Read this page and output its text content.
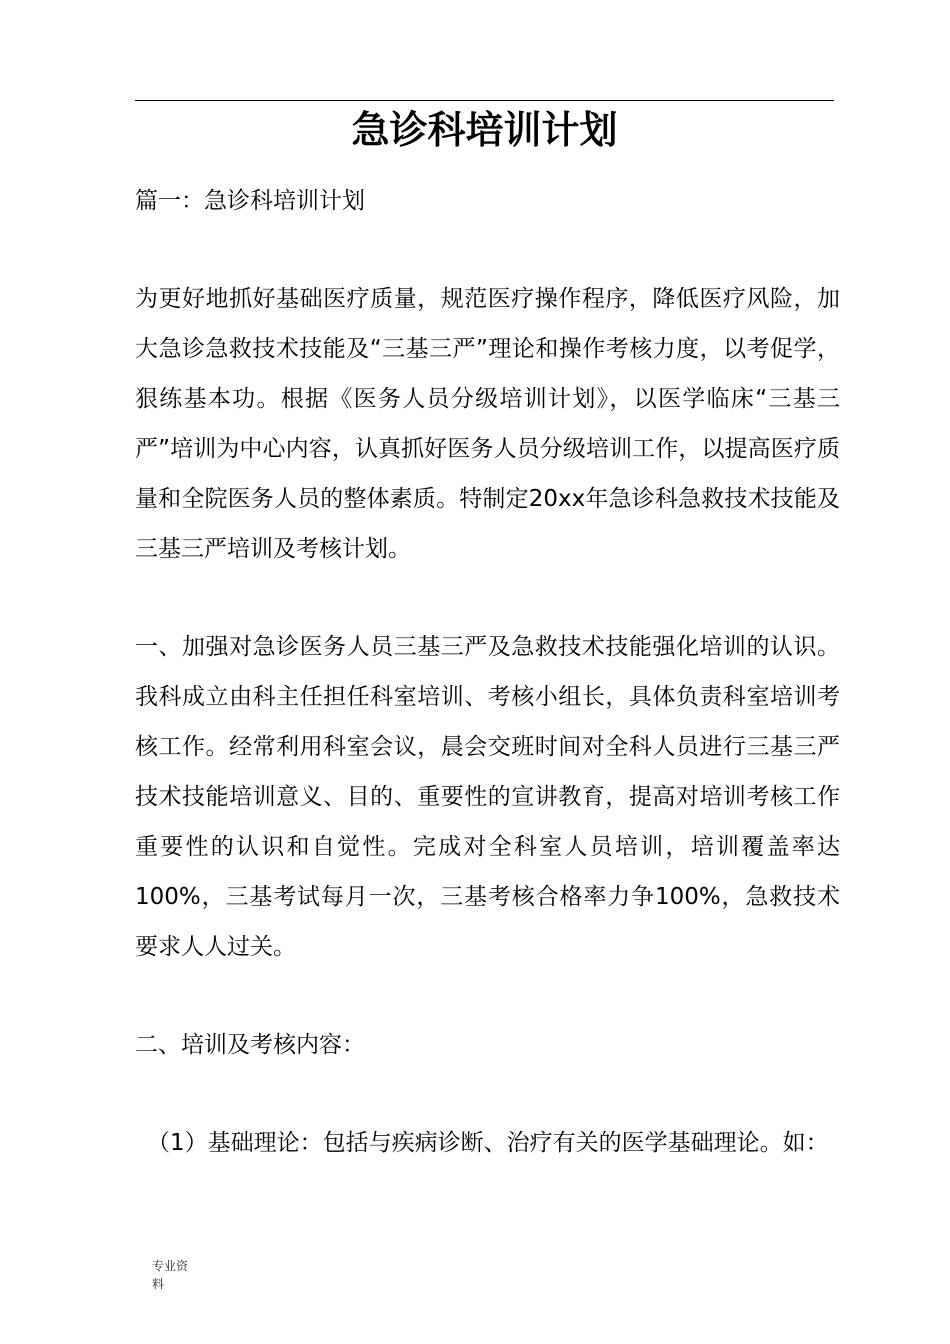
急诊科培训计划

篇一：急诊科培训计划

为更好地抓好基础医疗质量，规范医疗操作程序，降低医疗风险，加大急诊急救技术技能及“三基三严”理论和操作考核力度，以考促学，狠练基本功。根据《医务人员分级培训计划》，以医学临床“三基三严”培训为中心内容，认真抓好医务人员分级培训工作，以提高医疗质量和全院医务人员的整体素质。特制定20xx年急诊科急救技术技能及三基三严培训及考核计划。

一、加强对急诊医务人员三基三严及急救技术技能强化培训的认识。我科成立由科主任担任科室培训、考核小组长，具体负责科室培训考核工作。经常利用科室会议，晨会交班时间对全科人员进行三基三严技术技能培训意义、目的、重要性的宣讲教育，提高对培训考核工作重要性的认识和自觉性。完成对全科室人员培训，培训覆盖率达100%，三基考试每月一次，三基考核合格率力争100%，急救技术要求人人过关。

二、培训及考核内容：

（1）基础理论：包括与疾病诊断、治疗有关的医学基础理论。如：

专业资料
